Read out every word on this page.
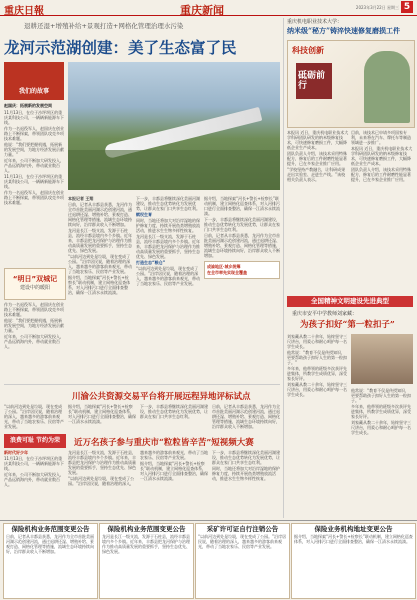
重庆日報	重庆新闻	2023年3月22日 星期三 5
退耕还湿+增殖补给+景观打造+网格化管理治理水污染
龙河示范湖创建：美了生态富了民
我们的故事
赵国庆：拓展新的发展空间

11月13日，在位于沙坪坝区的重庆某科技公司，一辆辆新能源车下线。

作为一名退役军人，赵国庆在创业路上不断探索，带领团队攻克多项技术难题。

他说：“我们要把握机遇，拓展新的发展空间，为地方经济发展贡献力量。”

近年来，公司不断加大研发投入，产品远销海内外，带动就业数百人。

11月13日，在位于沙坪坝区的重庆某科技公司，一辆辆新能源车下线。

作为一名退役军人，赵国庆在创业路上不断探索，带领团队攻克多项技术难题。

本报记者 王翔

日前，记者从丰都县获悉，龙河作为全市首批美丽河湖示范创建河流，通过退耕还湿、增殖补给、景观打造、网格化管理等措施，流域生态环境持续向好，沿岸群众收入不断增加。

龙河是长江一级支流，发源于石柱县，流经丰都县境内多个乡镇。近年来，丰都县把龙河保护与治理作为推动高质量发展的重要抓手，坚持生态优先、绿色发展。

“以前河边到处是垃圾，现在变成了公园。”沿岸居民说，随着治理的深入，越来越多的游客前来观光，带动了当地农家乐、民宿等产业发展。

据介绍，当地探索“河长+警长+检察长”联动机制，建立网格化巡查体系，对入河排污口进行全面排查整治，确保一江清水永续流淌。

下一步，丰都县将继续深化美丽河湖建设，推动生态优势转化为发展优势，让群众在家门口共享生态红利。

赋权生育

同时，当地还将加大对沿岸湿地的保护修复力度，持续开展鱼类增殖放流活动，推进水生生物多样性恢复。

龙河是长江一级支流，发源于石柱县，流经丰都县境内多个乡镇。近年来，丰都县把龙河保护与治理作为推动高质量发展的重要抓手，坚持生态优先、绿色发展。

打造生态“粮仓”

“以前河边到处是垃圾，现在变成了公园。”沿岸居民说，随着治理的深入，越来越多的游客前来观光，带动了当地农家乐、民宿等产业发展。

据介绍，当地探索“河长+警长+检察长”联动机制，建立网格化巡查体系，对入河排污口进行全面排查整治，确保一江清水永续流淌。

下一步，丰都县将继续深化美丽河湖建设，推动生态优势转化为发展优势，让群众在家门口共享生态红利。

日前，记者从丰都县获悉，龙河作为全市首批美丽河湖示范创建河流，通过退耕还湿、增殖补给、景观打造、网格化管理等措施，流域生态环境持续向好，沿岸群众收入不断增加。

成渝地区·城乡统筹

在全市率先实现全覆盖

“明日”双城记
建设中的暖阳

作为一名退役军人，赵国庆在创业路上不断探索，带领团队攻克多项技术难题。

他说：“我们要把握机遇，拓展新的发展空间，为地方经济发展贡献力量。”

近年来，公司不断加大研发投入，产品远销海内外，带动就业数百人。

川渝公共资源交易平台将开展远程异地评标试点

“以前河边到处是垃圾，现在变成了公园。”沿岸居民说，随着治理的深入，越来越多的游客前来观光，带动了当地农家乐、民宿等产业发展。

据介绍，当地探索“河长+警长+检察长”联动机制，建立网格化巡查体系，对入河排污口进行全面排查整治，确保一江清水永续流淌。

下一步，丰都县将继续深化美丽河湖建设，推动生态优势转化为发展优势，让群众在家门口共享生态红利。

日前，记者从丰都县获悉，龙河作为全市首批美丽河湖示范创建河流，通过退耕还湿、增殖补给、景观打造、网格化管理等措施，流域生态环境持续向好，沿岸群众收入不断增加。

浪费可耻 节约为荣

新时代好少年

11月13日，在位于沙坪坝区的重庆某科技公司，一辆辆新能源车下线。

近年来，公司不断加大研发投入，产品远销海内外，带动就业数百人。

近万名孩子参与重庆市“粒粒皆辛苦”短视频大赛

龙河是长江一级支流，发源于石柱县，流经丰都县境内多个乡镇。近年来，丰都县把龙河保护与治理作为推动高质量发展的重要抓手，坚持生态优先、绿色发展。

“以前河边到处是垃圾，现在变成了公园。”沿岸居民说，随着治理的深入，越来越多的游客前来观光，带动了当地农家乐、民宿等产业发展。

据介绍，当地探索“河长+警长+检察长”联动机制，建立网格化巡查体系，对入河排污口进行全面排查整治，确保一江清水永续流淌。

下一步，丰都县将继续深化美丽河湖建设，推动生态优势转化为发展优势，让群众在家门口共享生态红利。

同时，当地还将加大对沿岸湿地的保护修复力度，持续开展鱼类增殖放流活动，推进水生生物多样性恢复。

重庆机电职业技术大学：
纳米级“秘方”铸淬快速修复磨损工件
科技创新
砥砺前行

本报讯 近日，重庆机电职业技术大学科研团队研发的纳米级修复技术，可快速修复磨损工件，大幅降低企业生产成本。

团队负责人介绍，该技术采用特殊配方，修复后的工件耐磨性能显著提升，已在多家企业推广应用。

“学校坚持产教融合，让科研成果走出实验室、走进生产线。”该校相关负责人表示。

目前，该技术已申请多项国家专利，未来将在汽车、摩托车等制造领域进一步推广。

本报讯 近日，重庆机电职业技术大学科研团队研发的纳米级修复技术，可快速修复磨损工件，大幅降低企业生产成本。

团队负责人介绍，该技术采用特殊配方，修复后的工件耐磨性能显著提升，已在多家企业推广应用。

全国精神文明建设先进典型
重庆市安平中学教师刘家藏：
为孩子扣好“第一粒扣子”

刘家藏从教二十余年，始终坚守三尺讲台，用爱心和耐心呵护每一名学生成长。

他常说：“教育不仅是传授知识，更要帮助孩子扣好人生的第一粒扣子。”

多年来，他带领的班级多次获评先进集体，所教学生成绩优异，深受家长好评。

刘家藏从教二十余年，始终坚守三尺讲台，用爱心和耐心呵护每一名学生成长。

他常说：“教育不仅是传授知识，更要帮助孩子扣好人生的第一粒扣子。”

多年来，他带领的班级多次获评先进集体，所教学生成绩优异，深受家长好评。

刘家藏从教二十余年，始终坚守三尺讲台，用爱心和耐心呵护每一名学生成长。

保险机构业务范围变更公告

日前，记者从丰都县获悉，龙河作为全市首批美丽河湖示范创建河流，通过退耕还湿、增殖补给、景观打造、网格化管理等措施，流域生态环境持续向好，沿岸群众收入不断增加。

保险机构业务范围变更公告

龙河是长江一级支流，发源于石柱县，流经丰都县境内多个乡镇。近年来，丰都县把龙河保护与治理作为推动高质量发展的重要抓手，坚持生态优先、绿色发展。

采矿许可证自行注销公告

“以前河边到处是垃圾，现在变成了公园。”沿岸居民说，随着治理的深入，越来越多的游客前来观光，带动了当地农家乐、民宿等产业发展。

保险业务机构地址变更公告

据介绍，当地探索“河长+警长+检察长”联动机制，建立网格化巡查体系，对入河排污口进行全面排查整治，确保一江清水永续流淌。
